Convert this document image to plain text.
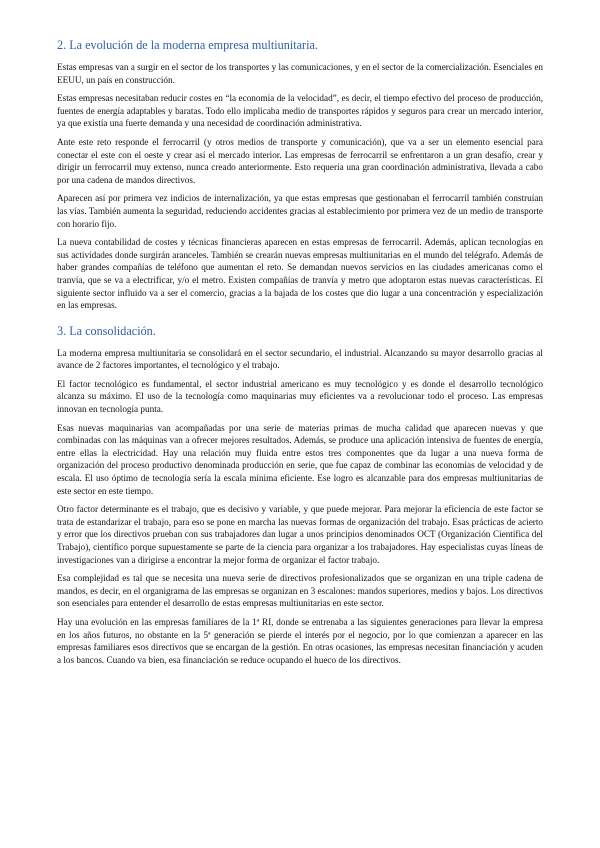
2. La evolución de la moderna empresa multiunitaria.

Estas empresas van a surgir en el sector de los transportes y las comunicaciones, y en el sector de la comercialización. Esenciales en EEUU, un país en construcción.

Estas empresas necesitaban reducir costes en “la economía de la velocidad”, es decir, el tiempo efectivo del proceso de producción, fuentes de energía adaptables y baratas. Todo ello implicaba medio de transportes rápidos y seguros para crear un mercado interior, ya que existía una fuerte demanda y una necesidad de coordinación administrativa.

Ante este reto responde el ferrocarril (y otros medios de transporte y comunicación), que va a ser un elemento esencial para conectar el este con el oeste y crear así el mercado interior. Las empresas de ferrocarril se enfrentaron a un gran desafío, crear y dirigir un ferrocarril muy extenso, nunca creado anteriormente. Esto requería una gran coordinación administrativa, llevada a cabo por una cadena de mandos directivos.

Aparecen así por primera vez indicios de internalización, ya que estas empresas que gestionaban el ferrocarril también construían las vías. También aumenta la seguridad, reduciendo accidentes gracias al establecimiento por primera vez de un medio de transporte con horario fijo.

La nueva contabilidad de costes y técnicas financieras aparecen en estas empresas de ferrocarril. Además, aplican tecnologías en sus actividades donde surgirán aranceles. También se crearán nuevas empresas multiunitarias en el mundo del telégrafo. Además de haber grandes compañías de teléfono que aumentan el reto. Se demandan nuevos servicios en las ciudades americanas como el tranvía, que se va a electrificar, y/o el metro. Existen compañías de tranvía y metro que adoptaron estas nuevas características. El siguiente sector influido va a ser el comercio, gracias a la bajada de los costes que dio lugar a una concentración y especialización en las empresas.

3. La consolidación.

La moderna empresa multiunitaria se consolidará en el sector secundario, el industrial. Alcanzando su mayor desarrollo gracias al avance de 2 factores importantes, el tecnológico y el trabajo.

El factor tecnológico es fundamental, el sector industrial americano es muy tecnológico y es donde el desarrollo tecnológico alcanza su máximo. El uso de la tecnología como maquinarias muy eficientes va a revolucionar todo el proceso. Las empresas innovan en tecnología punta.

Esas nuevas maquinarias van acompañadas por una serie de materias primas de mucha calidad que aparecen nuevas y que combinadas con las máquinas van a ofrecer mejores resultados. Además, se produce una aplicación intensiva de fuentes de energía, entre ellas la electricidad. Hay una relación muy fluida entre estos tres componentes que da lugar a una nueva forma de organización del proceso productivo denominada producción en serie, que fue capaz de combinar las economías de velocidad y de escala. El uso óptimo de tecnología sería la escala mínima eficiente. Ese logro es alcanzable para dos empresas multiunitarias de este sector en este tiempo.

Otro factor determinante es el trabajo, que es decisivo y variable, y que puede mejorar. Para mejorar la eficiencia de este factor se trata de estandarizar el trabajo, para eso se pone en marcha las nuevas formas de organización del trabajo. Esas prácticas de acierto y error que los directivos prueban con sus trabajadores dan lugar a unos principios denominados OCT (Organización Científica del Trabajo), científico porque supuestamente se parte de la ciencia para organizar a los trabajadores. Hay especialistas cuyas líneas de investigaciones van a dirigirse a encontrar la mejor forma de organizar el factor trabajo.

Esa complejidad es tal que se necesita una nueva serie de directivos profesionalizados que se organizan en una triple cadena de mandos, es decir, en el organigrama de las empresas se organizan en 3 escalones: mandos superiores, medios y bajos. Los directivos son esenciales para entender el desarrollo de estas empresas multiunitarias en este sector.

Hay una evolución en las empresas familiares de la 1ª RI, donde se entrenaba a las siguientes generaciones para llevar la empresa en los años futuros, no obstante en la 5ª generación se pierde el interés por el negocio, por lo que comienzan a aparecer en las empresas familiares esos directivos que se encargan de la gestión. En otras ocasiones, las empresas necesitan financiación y acuden a los bancos. Cuando va bien, esa financiación se reduce ocupando el hueco de los directivos.
